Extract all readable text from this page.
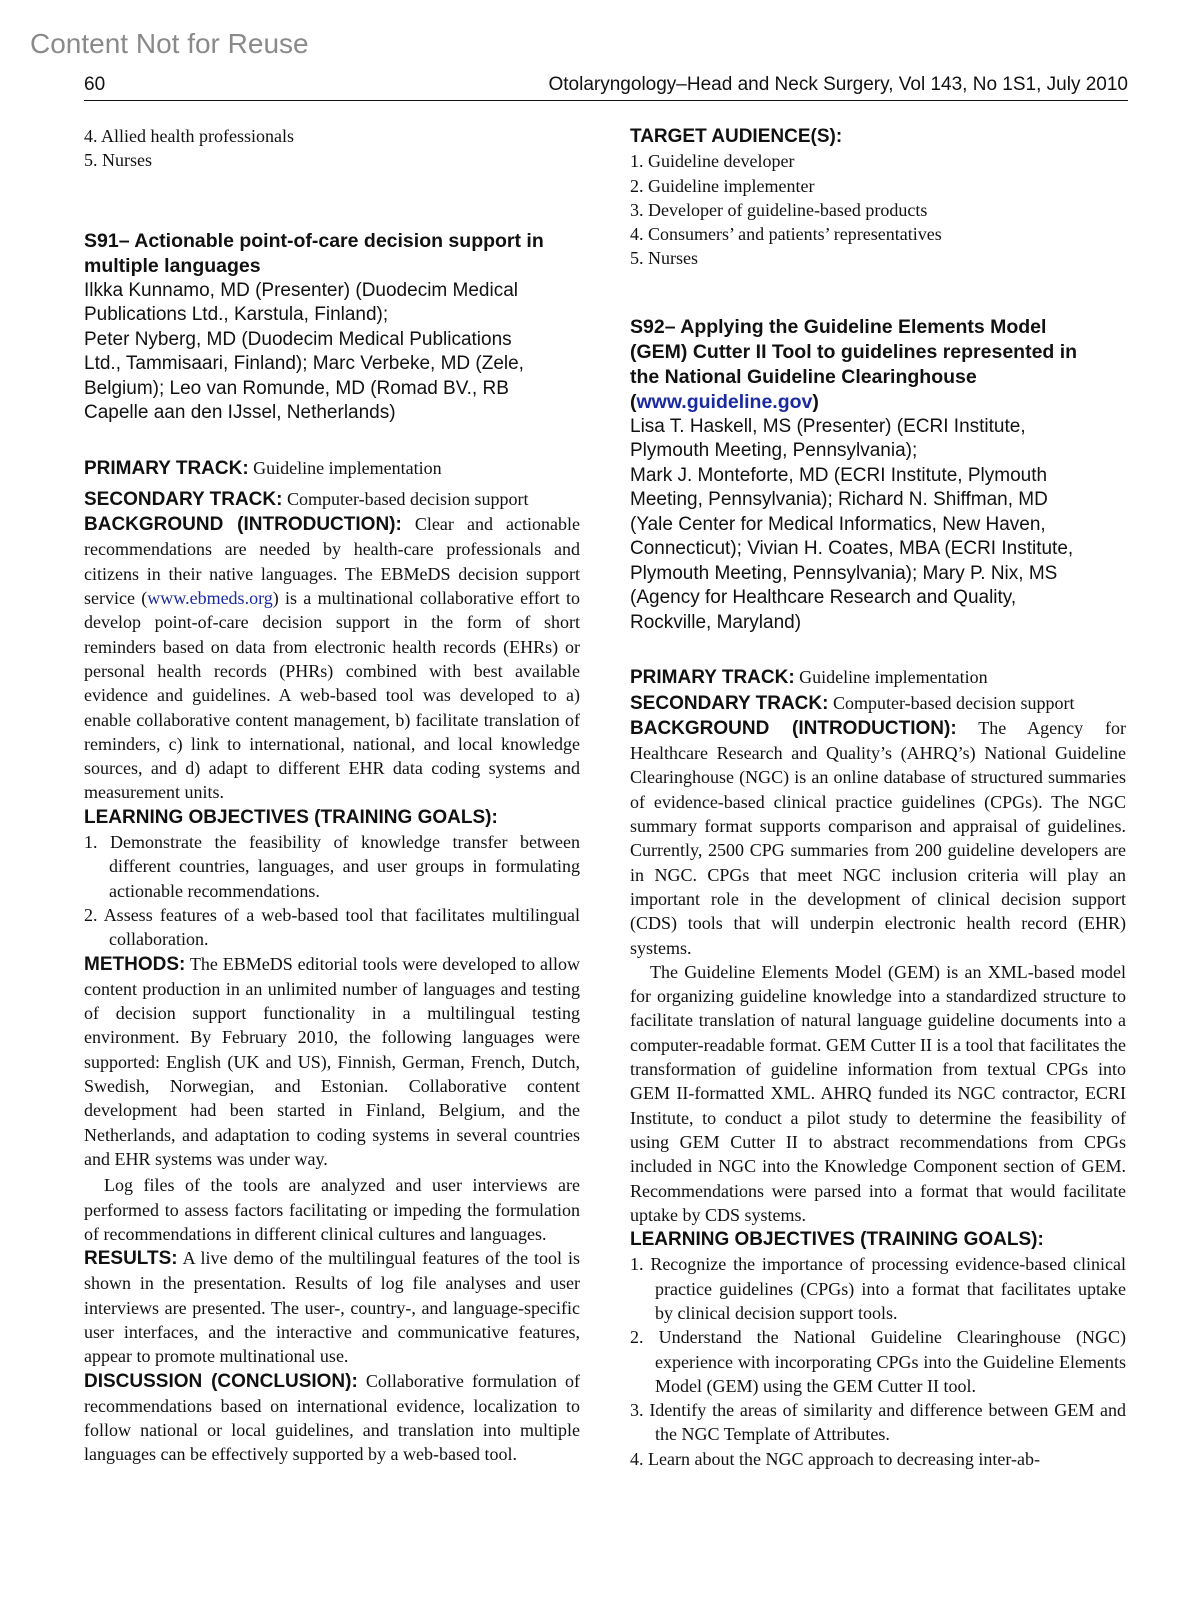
Content Not for Reuse
60	Otolaryngology–Head and Neck Surgery, Vol 143, No 1S1, July 2010
4. Allied health professionals
5. Nurses
S91– Actionable point-of-care decision support in
multiple languages

Ilkka Kunnamo, MD (Presenter) (Duodecim Medical
Publications Ltd., Karstula, Finland);
Peter Nyberg, MD (Duodecim Medical Publications
Ltd., Tammisaari, Finland); Marc Verbeke, MD (Zele,
Belgium); Leo van Romunde, MD (Romad BV., RB
Capelle aan den IJssel, Netherlands)

PRIMARY TRACK: Guideline implementation

SECONDARY TRACK: Computer-based decision support

BACKGROUND (INTRODUCTION): Clear and actionable recommendations are needed by health-care professionals and citizens in their native languages. The EBMeDS decision support service (www.ebmeds.org) is a multinational collaborative effort to develop point-of-care decision support in the form of short reminders based on data from electronic health records (EHRs) or personal health records (PHRs) combined with best available evidence and guidelines. A web-based tool was developed to a) enable collaborative content management, b) facilitate translation of reminders, c) link to international, national, and local knowledge sources, and d) adapt to different EHR data coding systems and measurement units.

LEARNING OBJECTIVES (TRAINING GOALS):

1. Demonstrate the feasibility of knowledge transfer between different countries, languages, and user groups in formulating actionable recommendations.
2. Assess features of a web-based tool that facilitates multilingual collaboration.

METHODS: The EBMeDS editorial tools were developed to allow content production in an unlimited number of languages and testing of decision support functionality in a multilingual testing environment. By February 2010, the following languages were supported: English (UK and US), Finnish, German, French, Dutch, Swedish, Norwegian, and Estonian. Collaborative content development had been started in Finland, Belgium, and the Netherlands, and adaptation to coding systems in several countries and EHR systems was under way.

Log files of the tools are analyzed and user interviews are performed to assess factors facilitating or impeding the formulation of recommendations in different clinical cultures and languages.

RESULTS: A live demo of the multilingual features of the tool is shown in the presentation. Results of log file analyses and user interviews are presented. The user-, country-, and language-specific user interfaces, and the interactive and communicative features, appear to promote multinational use.

DISCUSSION (CONCLUSION): Collaborative formulation of recommendations based on international evidence, localization to follow national or local guidelines, and translation into multiple languages can be effectively supported by a web-based tool.

TARGET AUDIENCE(S):

1. Guideline developer
2. Guideline implementer
3. Developer of guideline-based products
4. Consumers’ and patients’ representatives
5. Nurses
S92– Applying the Guideline Elements Model
(GEM) Cutter II Tool to guidelines represented in
the National Guideline Clearinghouse
(www.guideline.gov)

Lisa T. Haskell, MS (Presenter) (ECRI Institute,
Plymouth Meeting, Pennsylvania);
Mark J. Monteforte, MD (ECRI Institute, Plymouth
Meeting, Pennsylvania); Richard N. Shiffman, MD
(Yale Center for Medical Informatics, New Haven,
Connecticut); Vivian H. Coates, MBA (ECRI Institute,
Plymouth Meeting, Pennsylvania); Mary P. Nix, MS
(Agency for Healthcare Research and Quality,
Rockville, Maryland)

PRIMARY TRACK: Guideline implementation

SECONDARY TRACK: Computer-based decision support

BACKGROUND (INTRODUCTION): The Agency for Healthcare Research and Quality’s (AHRQ’s) National Guideline Clearinghouse (NGC) is an online database of structured summaries of evidence-based clinical practice guidelines (CPGs). The NGC summary format supports comparison and appraisal of guidelines. Currently, 2500 CPG summaries from 200 guideline developers are in NGC. CPGs that meet NGC inclusion criteria will play an important role in the development of clinical decision support (CDS) tools that will underpin electronic health record (EHR) systems.

The Guideline Elements Model (GEM) is an XML-based model for organizing guideline knowledge into a standardized structure to facilitate translation of natural language guideline documents into a computer-readable format. GEM Cutter II is a tool that facilitates the transformation of guideline information from textual CPGs into GEM II-formatted XML. AHRQ funded its NGC contractor, ECRI Institute, to conduct a pilot study to determine the feasibility of using GEM Cutter II to abstract recommendations from CPGs included in NGC into the Knowledge Component section of GEM. Recommendations were parsed into a format that would facilitate uptake by CDS systems.

LEARNING OBJECTIVES (TRAINING GOALS):

1. Recognize the importance of processing evidence-based clinical practice guidelines (CPGs) into a format that facilitates uptake by clinical decision support tools.
2. Understand the National Guideline Clearinghouse (NGC) experience with incorporating CPGs into the Guideline Elements Model (GEM) using the GEM Cutter II tool.
3. Identify the areas of similarity and difference between GEM and the NGC Template of Attributes.
4. Learn about the NGC approach to decreasing inter-ab-
